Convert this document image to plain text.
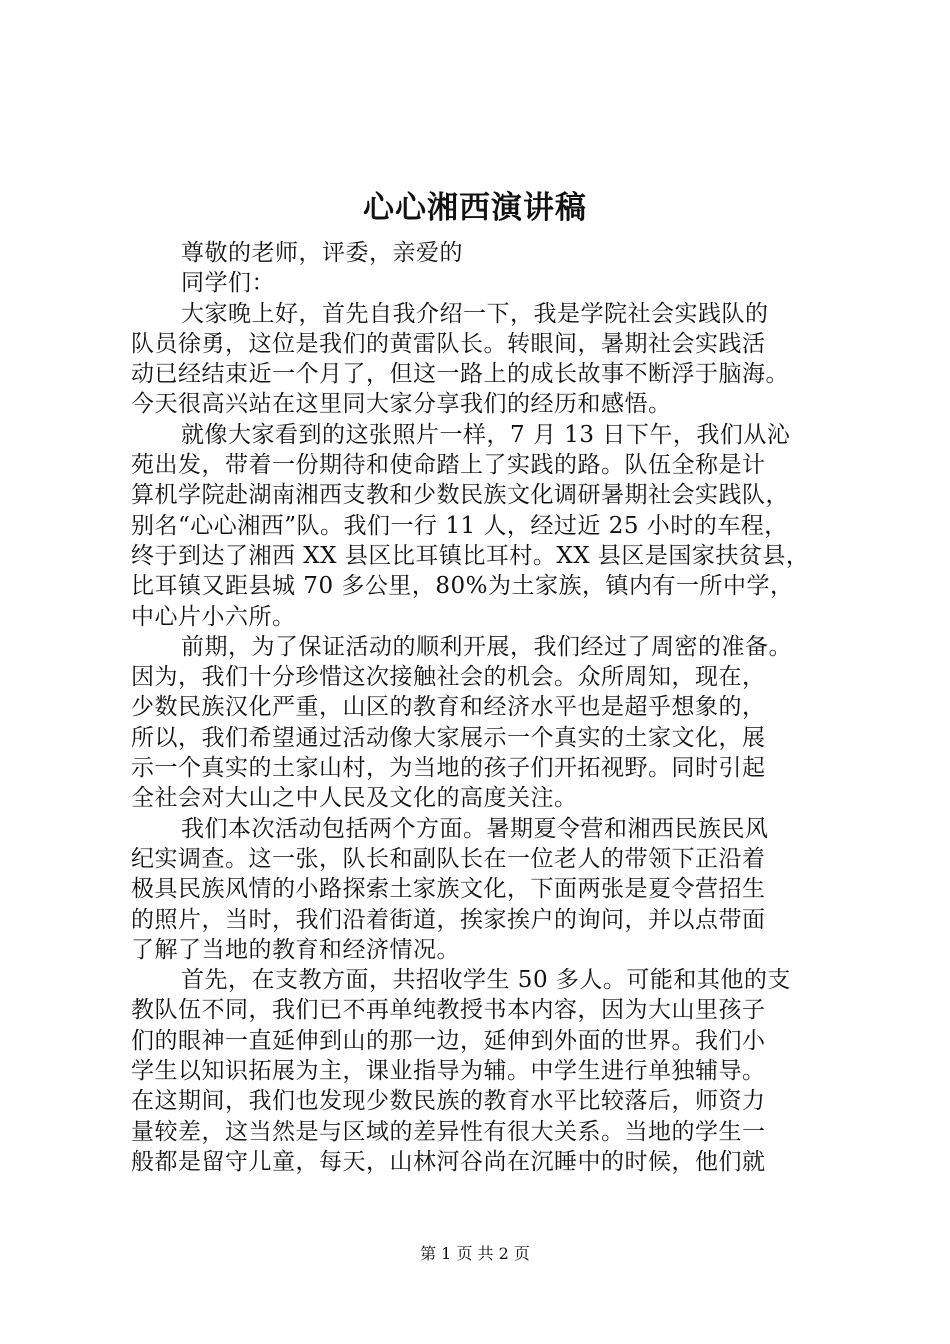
心心湘西演讲稿
尊敬的老师，评委，亲爱的
同学们：
大家晚上好，首先自我介绍一下，我是学院社会实践队的
队员徐勇，这位是我们的黄雷队长。转眼间，暑期社会实践活
动已经结束近一个月了，但这一路上的成长故事不断浮于脑海。
今天很高兴站在这里同大家分享我们的经历和感悟。
就像大家看到的这张照片一样，7 月 13 日下午，我们从沁
苑出发，带着一份期待和使命踏上了实践的路。队伍全称是计
算机学院赴湖南湘西支教和少数民族文化调研暑期社会实践队，
别名“心心湘西”队。我们一行 11 人，经过近 25 小时的车程，
终于到达了湘西 XX 县区比耳镇比耳村。XX 县区是国家扶贫县，
比耳镇又距县城 70 多公里，80%为土家族，镇内有一所中学，
中心片小六所。
前期，为了保证活动的顺利开展，我们经过了周密的准备。
因为，我们十分珍惜这次接触社会的机会。众所周知，现在，
少数民族汉化严重，山区的教育和经济水平也是超乎想象的，
所以，我们希望通过活动像大家展示一个真实的土家文化，展
示一个真实的土家山村，为当地的孩子们开拓视野。同时引起
全社会对大山之中人民及文化的高度关注。
我们本次活动包括两个方面。暑期夏令营和湘西民族民风
纪实调查。这一张，队长和副队长在一位老人的带领下正沿着
极具民族风情的小路探索土家族文化，下面两张是夏令营招生
的照片，当时，我们沿着街道，挨家挨户的询问，并以点带面
了解了当地的教育和经济情况。
首先，在支教方面，共招收学生 50 多人。可能和其他的支
教队伍不同，我们已不再单纯教授书本内容，因为大山里孩子
们的眼神一直延伸到山的那一边，延伸到外面的世界。我们小
学生以知识拓展为主，课业指导为辅。中学生进行单独辅导。
在这期间，我们也发现少数民族的教育水平比较落后，师资力
量较差，这当然是与区域的差异性有很大关系。当地的学生一
般都是留守儿童，每天，山林河谷尚在沉睡中的时候，他们就
第 1 页 共 2 页
